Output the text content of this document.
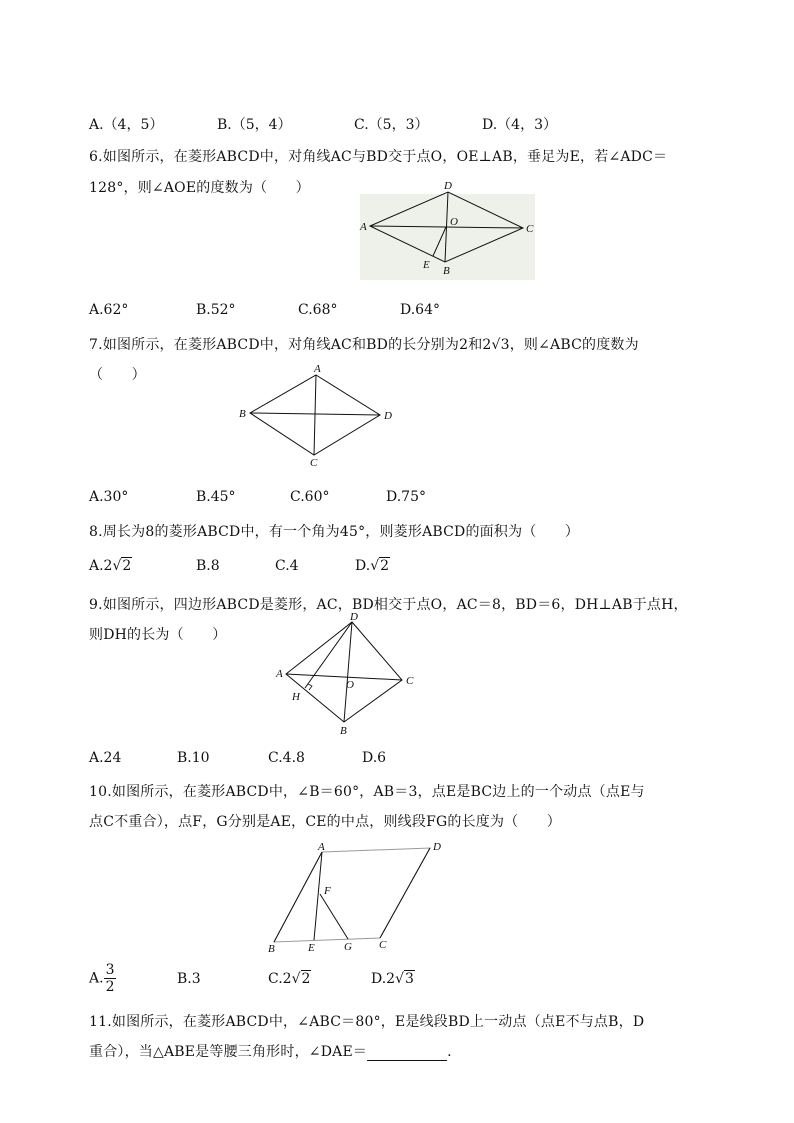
A.（4，5）	B.（5，4）	C.（5，3）	D.（4，3）
6.如图所示，在菱形ABCD中，对角线AC与BD交于点O，OE⊥AB，垂足为E，若∠ADC＝
128°，则∠AOE的度数为（　　）
A
D
C
B
O
E
A.62°	B.52°	C.68°	D.64°
7.如图所示，在菱形ABCD中，对角线AC和BD的长分别为2和2√3，则∠ABC的度数为
（　　）	A
B	D
C
A.30°	B.45°	C.60°	D.75°
8.周长为8的菱形ABCD中，有一个角为45°，则菱形ABCD的面积为（　　）
A.2√2	B.8	C.4	D.√2
9.如图所示，四边形ABCD是菱形，AC，BD相交于点O，AC＝8，BD＝6，DH⊥AB于点H，
则DH的长为（　　）
A
D
C
B
O
H
A.24	B.10	C.4.8	D.6
10.如图所示，在菱形ABCD中，∠B＝60°，AB＝3，点E是BC边上的一个动点（点E与
点C不重合），点F，G分别是AE，CE的中点，则线段FG的长度为（　　）
A	D
F
B	E	G C
A. $\frac{3}{2}$	B.3	C.2√2	D.2√3
11.如图所示，在菱形ABCD中，∠ABC＝80°，E是线段BD上一动点（点E不与点B，D
重合），当△ABE是等腰三角形时，∠DAE＝	.
